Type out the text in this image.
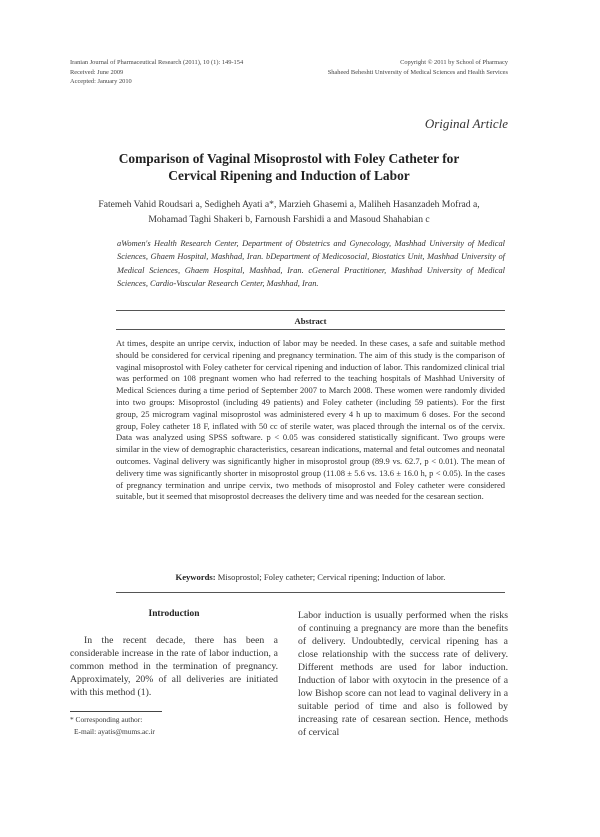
Iranian Journal of Pharmaceutical Research (2011), 10 (1): 149-154
Received: June 2009
Accepted: January 2010
Copyright © 2011 by School of Pharmacy
Shaheed Beheshti University of Medical Sciences and Health Services
Original Article
Comparison of Vaginal Misoprostol with Foley Catheter for
Cervical Ripening and Induction of Labor
Fatemeh Vahid Roudsari a, Sedigheh Ayati a*, Marzieh Ghasemi a, Maliheh Hasanzadeh Mofrad a,
Mohamad Taghi Shakeri b, Farnoush Farshidi a and Masoud Shahabian c
aWomen's Health Research Center, Department of Obstetrics and Gynecology, Mashhad University of Medical Sciences, Ghaem Hospital, Mashhad, Iran. bDepartment of Medicosocial, Biostatics Unit, Mashhad University of Medical Sciences, Ghaem Hospital, Mashhad, Iran. cGeneral Practitioner, Mashhad University of Medical Sciences, Cardio-Vascular Research Center, Mashhad, Iran.
Abstract
At times, despite an unripe cervix, induction of labor may be needed. In these cases, a safe and suitable method should be considered for cervical ripening and pregnancy termination. The aim of this study is the comparison of vaginal misoprostol with Foley catheter for cervical ripening and induction of labor. This randomized clinical trial was performed on 108 pregnant women who had referred to the teaching hospitals of Mashhad University of Medical Sciences during a time period of September 2007 to March 2008. These women were randomly divided into two groups: Misoprostol (including 49 patients) and Foley catheter (including 59 patients). For the first group, 25 microgram vaginal misoprostol was administered every 4 h up to maximum 6 doses. For the second group, Foley catheter 18 F, inflated with 50 cc of sterile water, was placed through the internal os of the cervix. Data was analyzed using SPSS software. p < 0.05 was considered statistically significant. Two groups were similar in the view of demographic characteristics, cesarean indications, maternal and fetal outcomes and neonatal outcomes. Vaginal delivery was significantly higher in misoprostol group (89.9 vs. 62.7, p < 0.01). The mean of delivery time was significantly shorter in misoprostol group (11.08 ± 5.6 vs. 13.6 ± 16.0 h, p < 0.05). In the cases of pregnancy termination and unripe cervix, two methods of misoprostol and Foley catheter were considered suitable, but it seemed that misoprostol decreases the delivery time and was needed for the cesarean section.
Keywords: Misoprostol; Foley catheter; Cervical ripening; Induction of labor.
Introduction

In the recent decade, there has been a considerable increase in the rate of labor induction, a common method in the termination of pregnancy. Approximately, 20% of all deliveries are initiated with this method (1).

Labor induction is usually performed when the risks of continuing a pregnancy are more than the benefits of delivery. Undoubtedly, cervical ripening has a close relationship with the success rate of delivery. Different methods are used for labor induction. Induction of labor with oxytocin in the presence of a low Bishop score can not lead to vaginal delivery in a suitable period of time and also is followed by increasing rate of cesarean section. Hence, methods of cervical

* Corresponding author:
E-mail: ayatis@mums.ac.ir
